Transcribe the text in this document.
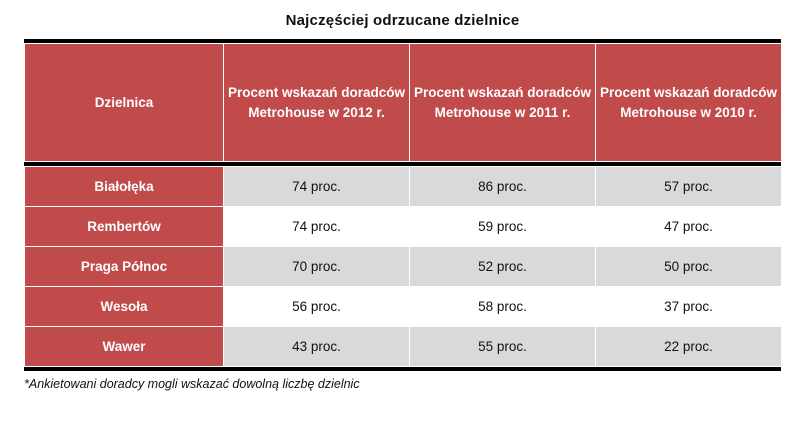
Najczęściej odrzucane dzielnice
Dzielnica	Procent wskazań doradców Metrohouse w 2012 r.	Procent wskazań doradców Metrohouse w 2011 r.	Procent wskazań doradców Metrohouse w 2010 r.
Białołęka	74 proc.	86 proc.	57 proc.
Rembertów	74 proc.	59 proc.	47 proc.
Praga Północ	70 proc.	52 proc.	50 proc.
Wesoła	56 proc.	58 proc.	37 proc.
Wawer	43 proc.	55 proc.	22 proc.
*Ankietowani doradcy mogli wskazać dowolną liczbę dzielnic
